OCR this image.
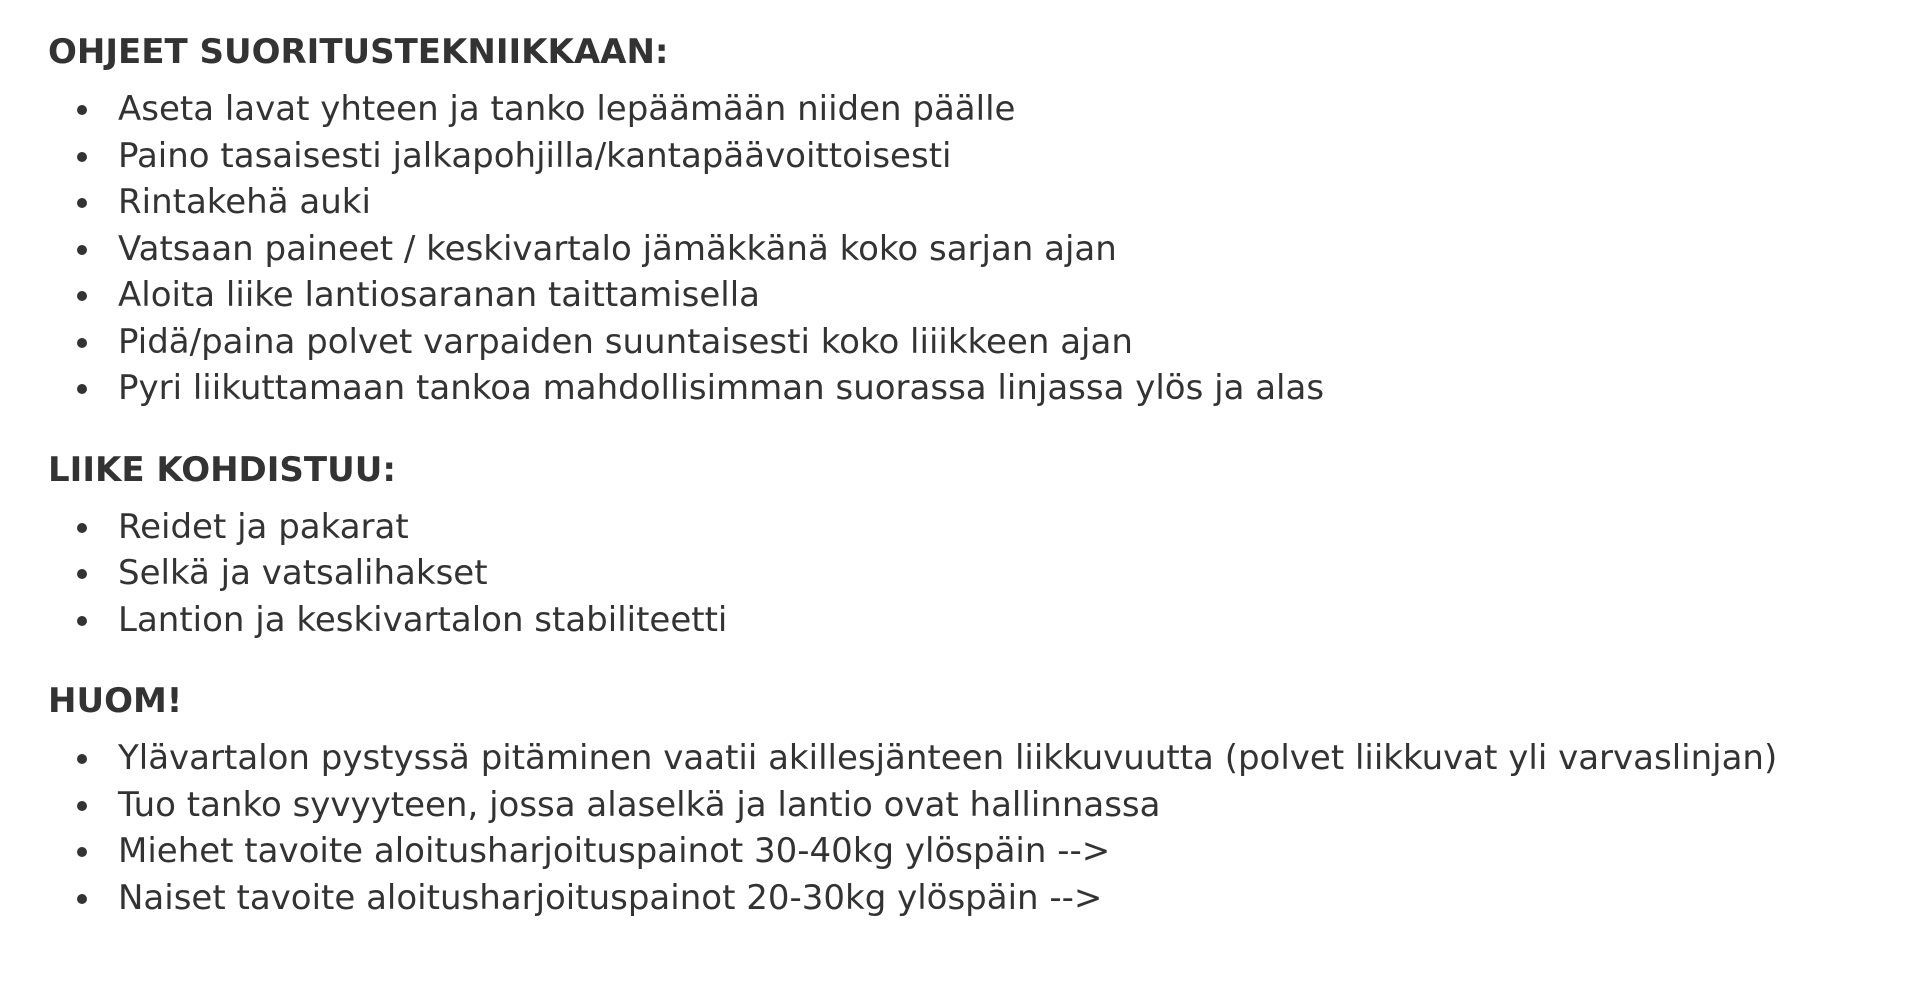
OHJEET SUORITUSTEKNIIKKAAN:
Aseta lavat yhteen ja tanko lepäämään niiden päälle
Paino tasaisesti jalkapohjilla/kantapäävoittoisesti
Rintakehä auki
Vatsaan paineet / keskivartalo jämäkkänä koko sarjan ajan
Aloita liike lantiosaranan taittamisella
Pidä/paina polvet varpaiden suuntaisesti koko liiikkeen ajan
Pyri liikuttamaan tankoa mahdollisimman suorassa linjassa ylös ja alas
LIIKE KOHDISTUU:
Reidet ja pakarat
Selkä ja vatsalihakset
Lantion ja keskivartalon stabiliteetti
HUOM!
Ylävartalon pystyssä pitäminen vaatii akillesjänteen liikkuvuutta (polvet liikkuvat yli varvaslinjan)
Tuo tanko syvyyteen, jossa alaselkä ja lantio ovat hallinnassa
Miehet tavoite aloitusharjoituspainot 30-40kg ylöspäin -->
Naiset tavoite aloitusharjoituspainot 20-30kg ylöspäin -->
